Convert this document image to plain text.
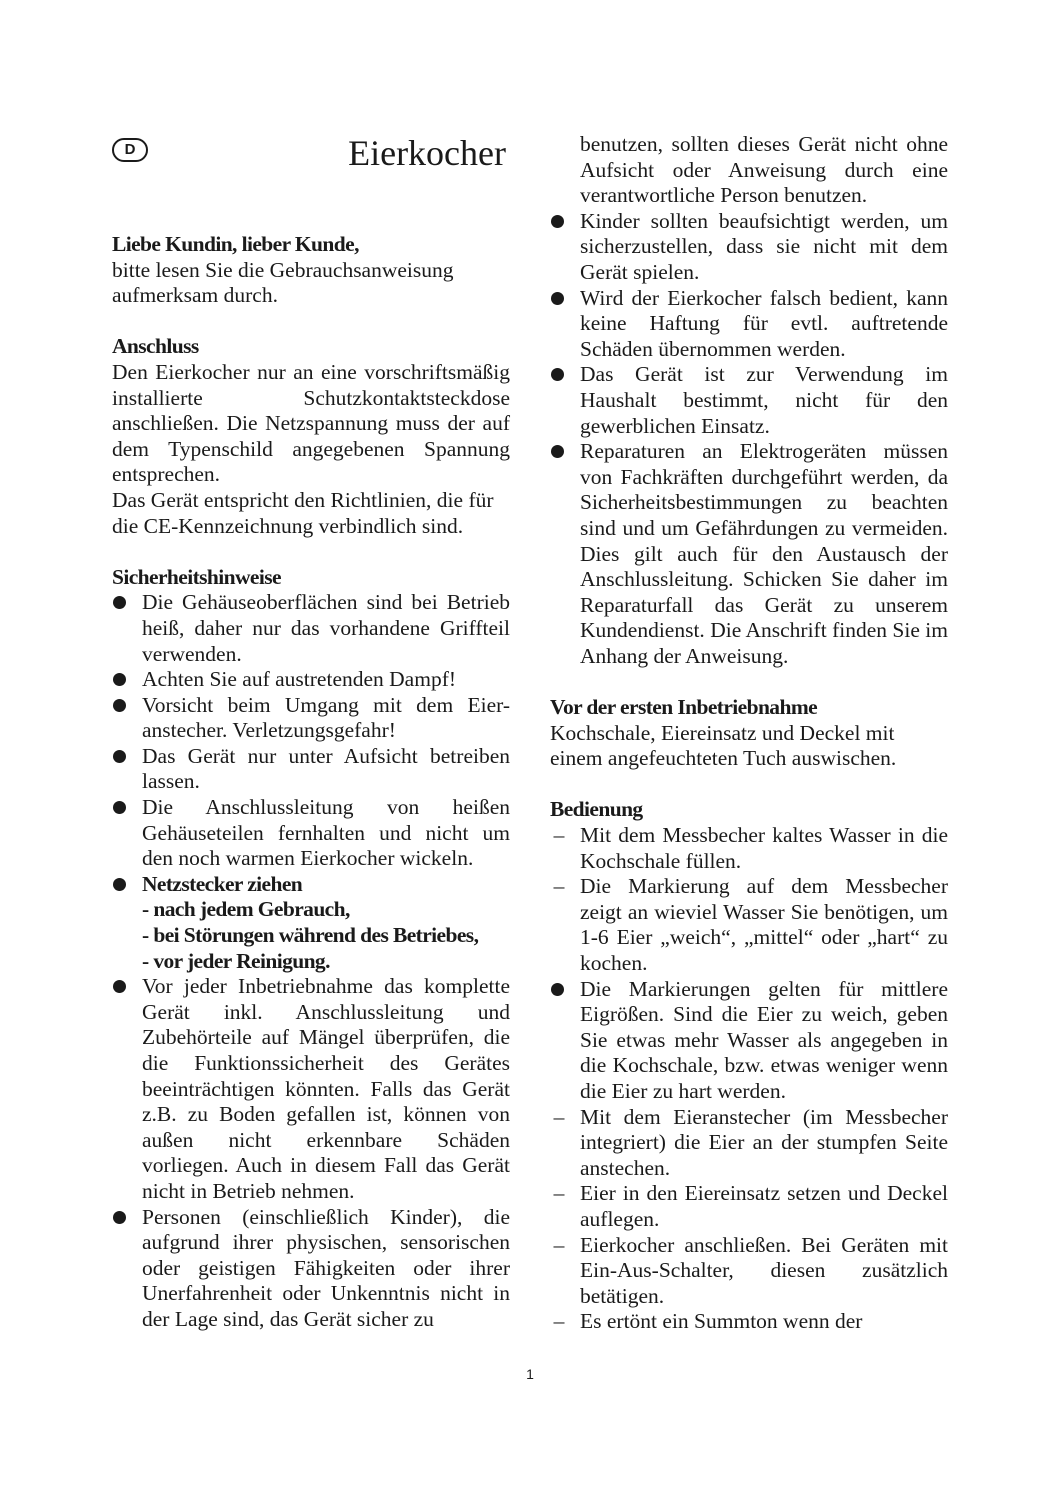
D	Eierkocher
Liebe Kundin, lieber Kunde,

bitte lesen Sie die Gebrauchsanweisung aufmerksam durch.

Anschluss

Den Eierkocher nur an eine vorschriftsmäßig installierte Schutzkontaktsteckdose anschließen. Die Netzspannung muss der auf dem Typenschild angegebenen Spannung entsprechen.

Das Gerät entspricht den Richtlinien, die für die CE-Kennzeichnung verbindlich sind.

Sicherheitshinweise
Die Gehäuseoberflächen sind bei Betrieb heiß, daher nur das vorhandene Griffteil verwenden.
Achten Sie auf austretenden Dampf!
Vorsicht beim Umgang mit dem Eier-anstecher. Verletzungsgefahr!
Das Gerät nur unter Aufsicht betreiben lassen.
Die Anschlussleitung von heißen Gehäuseteilen fernhalten und nicht um den noch warmen Eierkocher wickeln.
Netzstecker ziehen
- nach jedem Gebrauch,
- bei Störungen während des Betriebes,
- vor jeder Reinigung.
Vor jeder Inbetriebnahme das komplette Gerät inkl. Anschlussleitung und Zubehörteile auf Mängel überprüfen, die die Funktionssicherheit des Gerätes beeinträchtigen könnten. Falls das Gerät z.B. zu Boden gefallen ist, können von außen nicht erkennbare Schäden vorliegen. Auch in diesem Fall das Gerät nicht in Betrieb nehmen.
Personen (einschließlich Kinder), die aufgrund ihrer physischen, sensorischen oder geistigen Fähigkeiten oder ihrer Unerfahrenheit oder Unkenntnis nicht in der Lage sind, das Gerät sicher zu
benutzen, sollten dieses Gerät nicht ohne Aufsicht oder Anweisung durch eine verantwortliche Person benutzen.
Kinder sollten beaufsichtigt werden, um sicherzustellen, dass sie nicht mit dem Gerät spielen.
Wird der Eierkocher falsch bedient, kann keine Haftung für evtl. auftretende Schäden übernommen werden.
Das Gerät ist zur Verwendung im Haushalt bestimmt, nicht für den gewerblichen Einsatz.
Reparaturen an Elektrogeräten müssen von Fachkräften durchgeführt werden, da Sicherheitsbestimmungen zu beachten sind und um Gefährdungen zu vermeiden. Dies gilt auch für den Austausch der Anschlussleitung. Schicken Sie daher im Reparaturfall das Gerät zu unserem Kundendienst. Die Anschrift finden Sie im Anhang der Anweisung.
Vor der ersten Inbetriebnahme

Kochschale, Eiereinsatz und Deckel mit einem angefeuchteten Tuch auswischen.

Bedienung
– Mit dem Messbecher kaltes Wasser in die Kochschale füllen.
– Die Markierung auf dem Messbecher zeigt an wieviel Wasser Sie benötigen, um 1-6 Eier „weich“, „mittel“ oder „hart“ zu kochen.
Die Markierungen gelten für mittlere Eigrößen. Sind die Eier zu weich, geben Sie etwas mehr Wasser als angegeben in die Kochschale, bzw. etwas weniger wenn die Eier zu hart werden.
– Mit dem Eieranstecher (im Messbecher integriert) die Eier an der stumpfen Seite anstechen.
– Eier in den Eiereinsatz setzen und Deckel auflegen.
– Eierkocher anschließen. Bei Geräten mit Ein-Aus-Schalter, diesen zusätzlich betätigen.
– Es ertönt ein Summton wenn der
1
